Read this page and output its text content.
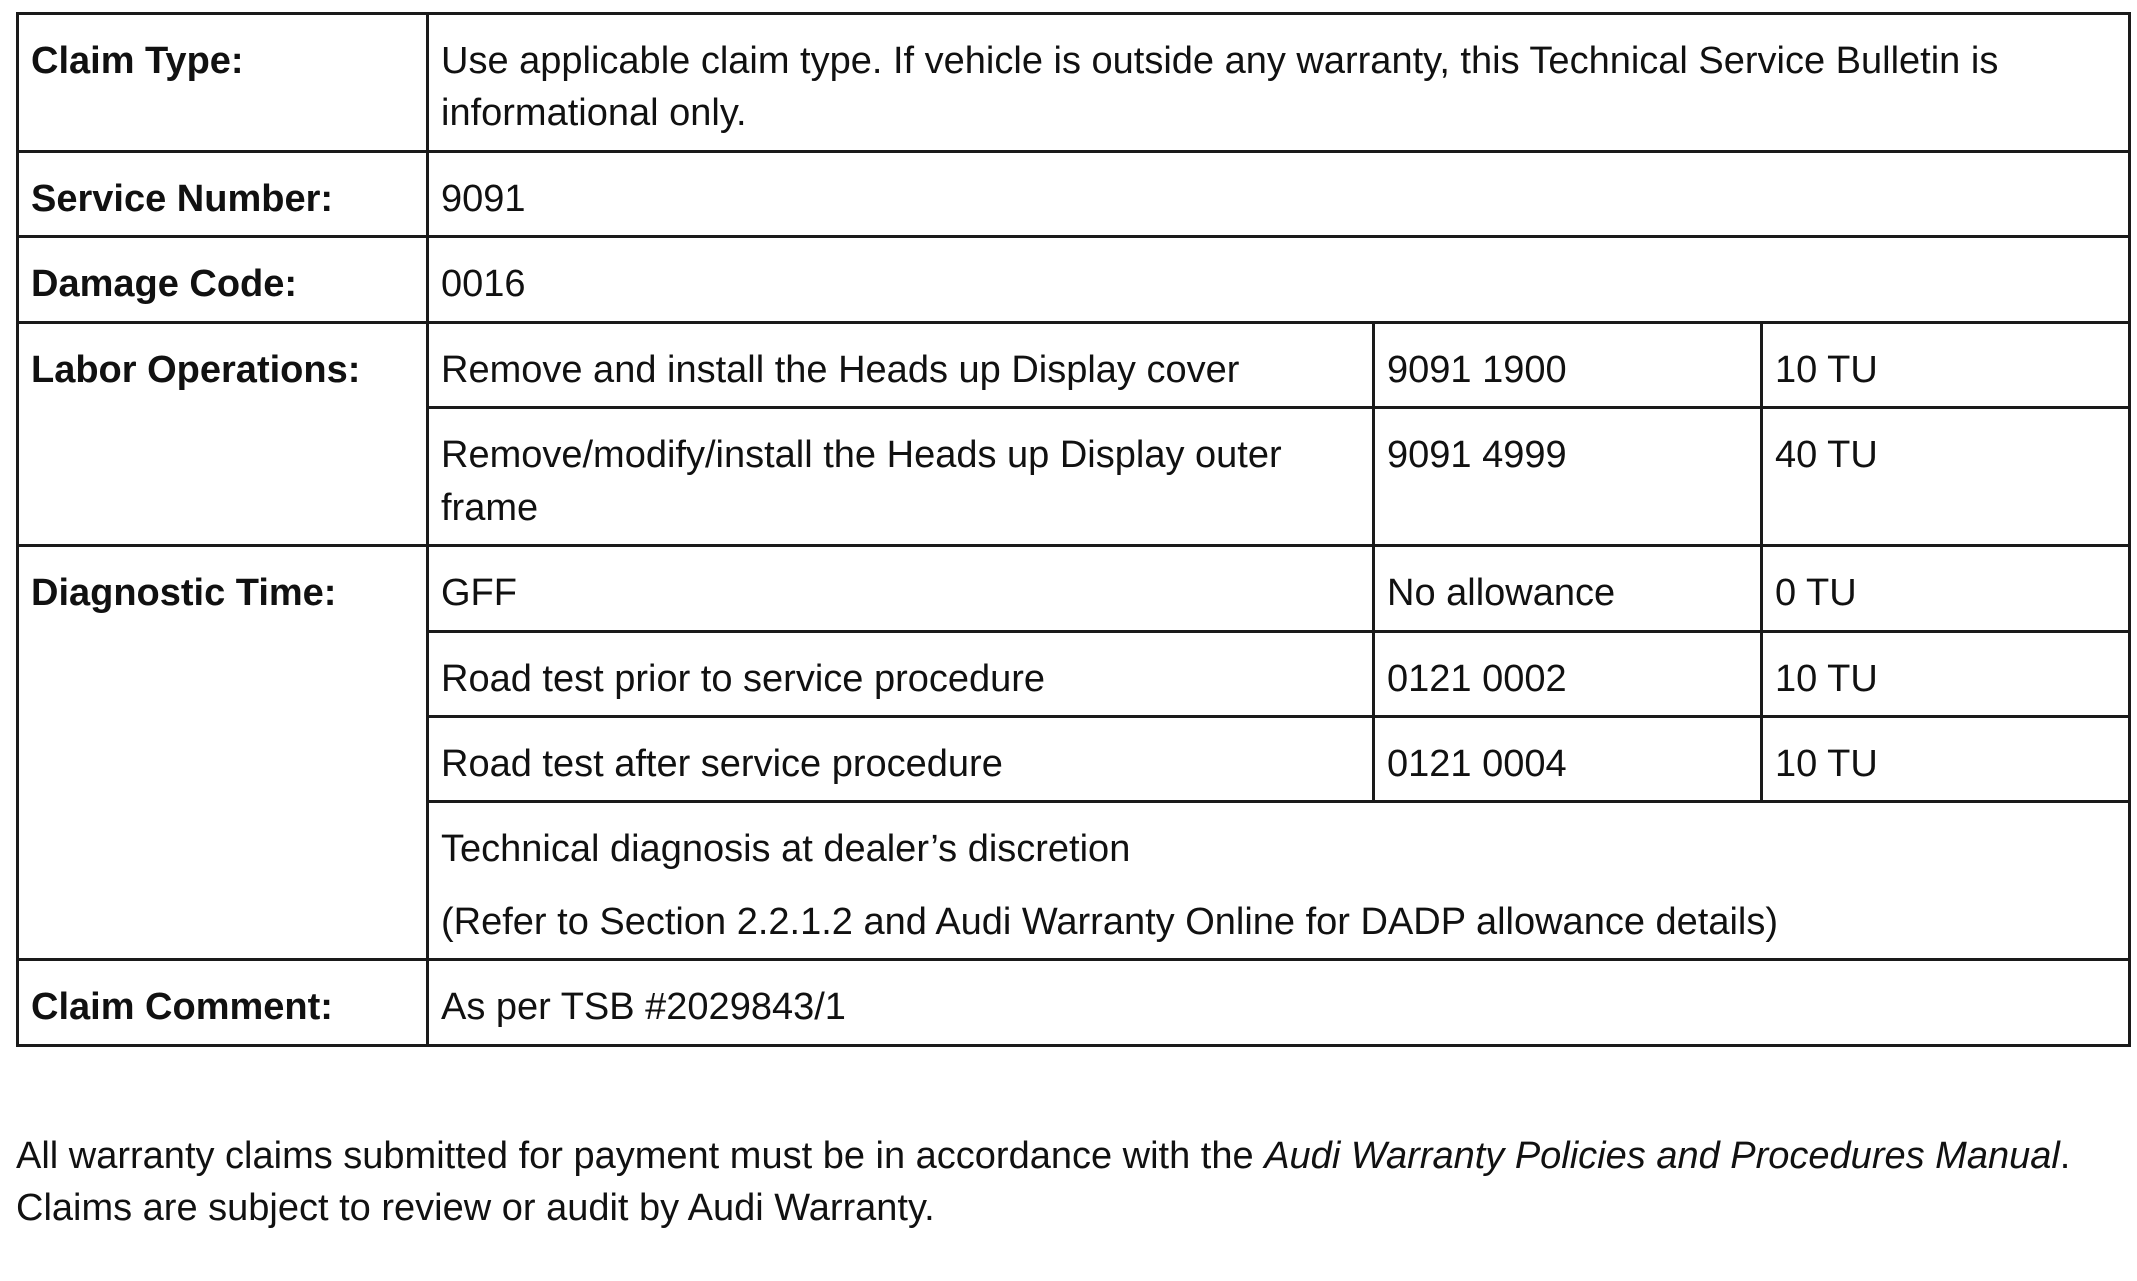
Claim Type:	Use applicable claim type. If vehicle is outside any warranty, this Technical Service Bulletin is informational only.		
Service Number:	9091		
Damage Code:	0016		
Labor Operations:	Remove and install the Heads up Display cover	9091 1900	10 TU
	Remove/modify/install the Heads up Display outer frame	9091 4999	40 TU
Diagnostic Time:	GFF	No allowance	0 TU
	Road test prior to service procedure	0121 0002	10 TU
	Road test after service procedure	0121 0004	10 TU

	Technical diagnosis at dealer’s discretion
(Refer to Section 2.2.1.2 and Audi Warranty Online for DADP allowance details)		

Claim Comment:	As per TSB #2029843/1		
All warranty claims submitted for payment must be in accordance with the Audi Warranty Policies and Procedures Manual. Claims are subject to review or audit by Audi Warranty.
